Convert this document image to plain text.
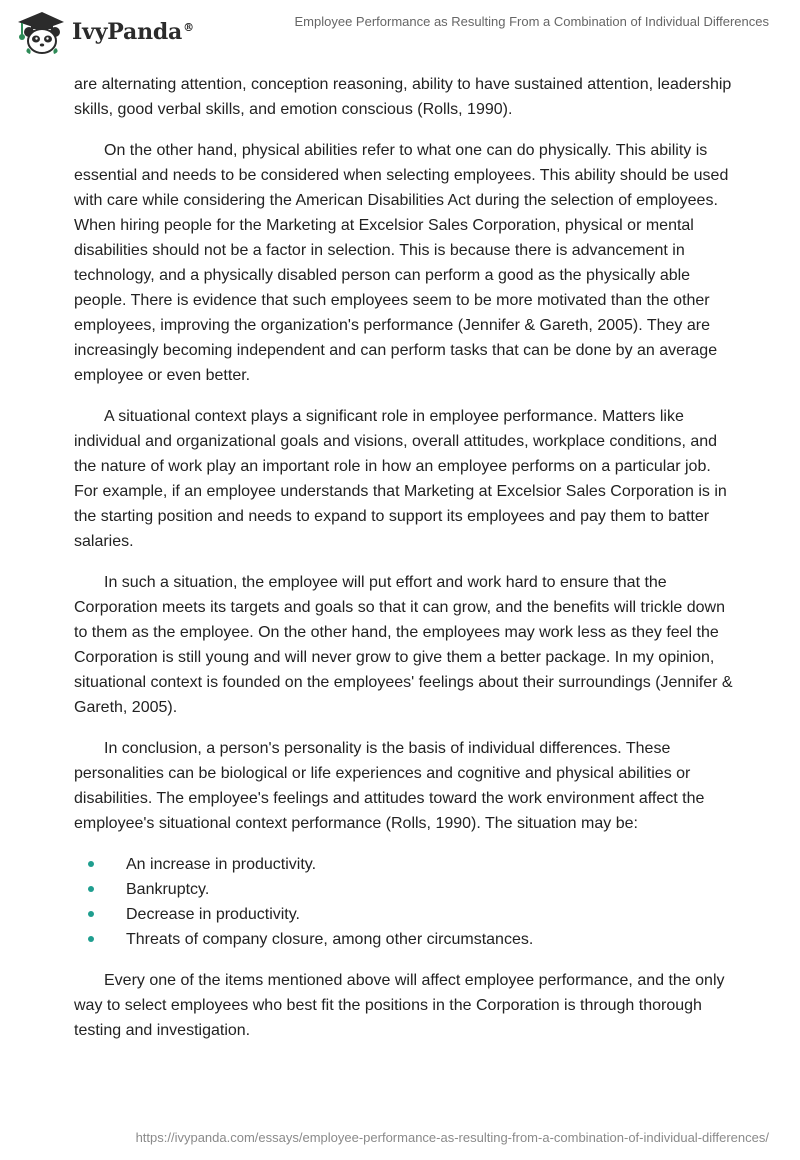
IvyPanda®	Employee Performance as Resulting From a Combination of Individual Differences

are alternating attention, conception reasoning, ability to have sustained attention, leadership skills, good verbal skills, and emotion conscious (Rolls, 1990).

On the other hand, physical abilities refer to what one can do physically. This ability is essential and needs to be considered when selecting employees. This ability should be used with care while considering the American Disabilities Act during the selection of employees. When hiring people for the Marketing at Excelsior Sales Corporation, physical or mental disabilities should not be a factor in selection. This is because there is advancement in technology, and a physically disabled person can perform a good as the physically able people. There is evidence that such employees seem to be more motivated than the other employees, improving the organization's performance (Jennifer & Gareth, 2005). They are increasingly becoming independent and can perform tasks that can be done by an average employee or even better.

A situational context plays a significant role in employee performance. Matters like individual and organizational goals and visions, overall attitudes, workplace conditions, and the nature of work play an important role in how an employee performs on a particular job. For example, if an employee understands that Marketing at Excelsior Sales Corporation is in the starting position and needs to expand to support its employees and pay them to batter salaries.

In such a situation, the employee will put effort and work hard to ensure that the Corporation meets its targets and goals so that it can grow, and the benefits will trickle down to them as the employee. On the other hand, the employees may work less as they feel the Corporation is still young and will never grow to give them a better package. In my opinion, situational context is founded on the employees' feelings about their surroundings (Jennifer & Gareth, 2005).

In conclusion, a person's personality is the basis of individual differences. These personalities can be biological or life experiences and cognitive and physical abilities or disabilities. The employee's feelings and attitudes toward the work environment affect the employee's situational context performance (Rolls, 1990). The situation may be:

An increase in productivity.
Bankruptcy.
Decrease in productivity.
Threats of company closure, among other circumstances.

Every one of the items mentioned above will affect employee performance, and the only way to select employees who best fit the positions in the Corporation is through thorough testing and investigation.

https://ivypanda.com/essays/employee-performance-as-resulting-from-a-combination-of-individual-differences/
